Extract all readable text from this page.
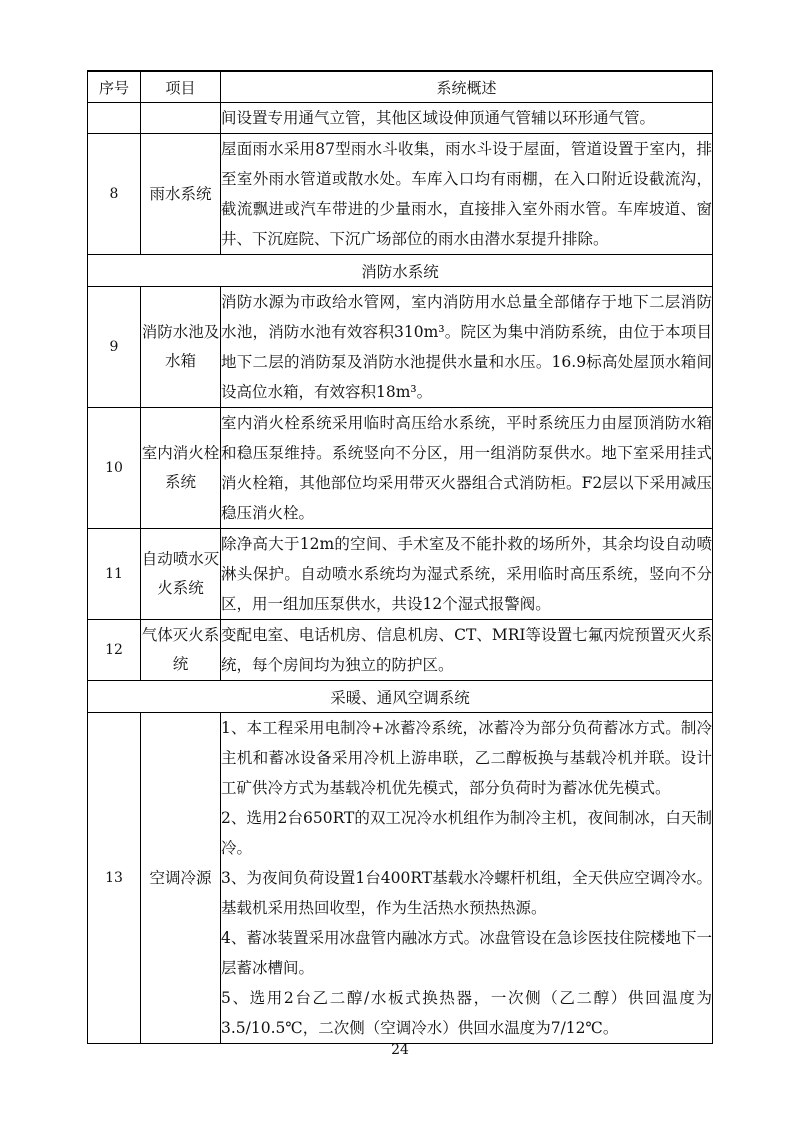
序号	项目	系统概述

		间设置专用通气立管，其他区域设伸顶通气管辅以环形通气管。

8	雨水系统	屋面雨水采用87型雨水斗收集，雨水斗设于屋面，管道设置于室内，排至室外雨水管道或散水处。车库入口均有雨棚，在入口附近设截流沟，截流飘进或汽车带进的少量雨水，直接排入室外雨水管。车库坡道、窗井、下沉庭院、下沉广场部位的雨水由潜水泵提升排除。

消防水系统		
9	消防水池及水箱	消防水源为市政给水管网，室内消防用水总量全部储存于地下二层消防水池，消防水池有效容积310m³。院区为集中消防系统，由位于本项目地下二层的消防泵及消防水池提供水量和水压。16.9标高处屋顶水箱间设高位水箱，有效容积18m³。

10	室内消火栓系统	室内消火栓系统采用临时高压给水系统，平时系统压力由屋顶消防水箱和稳压泵维持。系统竖向不分区，用一组消防泵供水。地下室采用挂式消火栓箱，其他部位均采用带灭火器组合式消防柜。F2层以下采用减压稳压消火栓。

11	自动喷水灭火系统	除净高大于12m的空间、手术室及不能扑救的场所外，其余均设自动喷淋头保护。自动喷水系统均为湿式系统，采用临时高压系统，竖向不分区，用一组加压泵供水，共设12个湿式报警阀。

12	气体灭火系统	变配电室、电话机房、信息机房、CT、MRI等设置七氟丙烷预置灭火系统，每个房间均为独立的防护区。

采暖、通风空调系统		
13	空调冷源	1、本工程采用电制冷+冰蓄冷系统，冰蓄冷为部分负荷蓄冰方式。制冷主机和蓄冰设备采用冷机上游串联，乙二醇板换与基载冷机并联。设计工矿供冷方式为基载冷机优先模式，部分负荷时为蓄冰优先模式。

2、选用2台650RT的双工况冷水机组作为制冷主机，夜间制冰，白天制冷。

3、为夜间负荷设置1台400RT基载水冷螺杆机组，全天供应空调冷水。基载机采用热回收型，作为生活热水预热热源。

4、蓄冰装置采用冰盘管内融冰方式。冰盘管设在急诊医技住院楼地下一层蓄冰槽间。

5、选用2台乙二醇/水板式换热器，一次侧（乙二醇）供回温度为3.5/10.5℃，二次侧（空调冷水）供回水温度为7/12℃。

24
